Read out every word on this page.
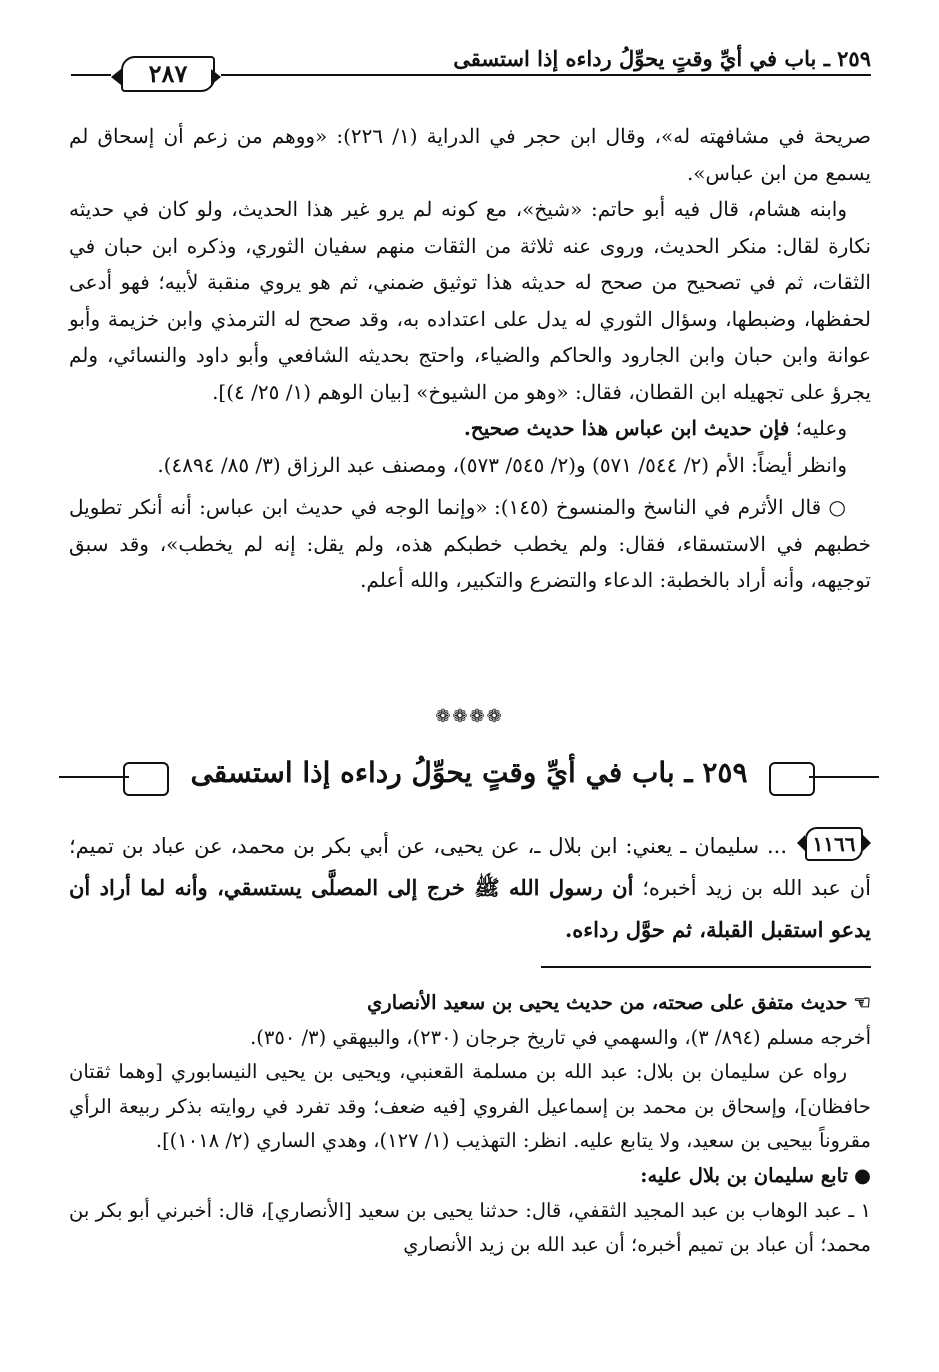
٢٥٩ ـ باب في أيِّ وقتٍ يحوِّلُ رداءه إذا استسقى
٢٨٧

صريحة في مشافهته له»، وقال ابن حجر في الدراية (١/ ٢٢٦): «ووهم من زعم أن إسحاق لم يسمع من ابن عباس».

وابنه هشام، قال فيه أبو حاتم: «شيخ»، مع كونه لم يرو غير هذا الحديث، ولو كان في حديثه نكارة لقال: منكر الحديث، وروى عنه ثلاثة من الثقات منهم سفيان الثوري، وذكره ابن حبان في الثقات، ثم في تصحيح من صحح له حديثه هذا توثيق ضمني، ثم هو يروي منقبة لأبيه؛ فهو أدعى لحفظها، وضبطها، وسؤال الثوري له يدل على اعتداده به، وقد صحح له الترمذي وابن خزيمة وأبو عوانة وابن حبان وابن الجارود والحاكم والضياء، واحتج بحديثه الشافعي وأبو داود والنسائي، ولم يجرؤ على تجهيله ابن القطان، فقال: «وهو من الشيوخ» [بيان الوهم (١/ ٢٥/ ٤)].

وعليه؛ فإن حديث ابن عباس هذا حديث صحيح.

وانظر أيضاً: الأم (٢/ ٥٤٤/ ٥٧١) و(٢/ ٥٤٥/ ٥٧٣)، ومصنف عبد الرزاق (٣/ ٨٥/ ٤٨٩٤).

○ قال الأثرم في الناسخ والمنسوخ (١٤٥): «وإنما الوجه في حديث ابن عباس: أنه أنكر تطويل خطبهم في الاستسقاء، فقال: ولم يخطب خطبكم هذه، ولم يقل: إنه لم يخطب»، وقد سبق توجيهه، وأنه أراد بالخطبة: الدعاء والتضرع والتكبير، والله أعلم.

❁❁❁❁
٢٥٩ ـ باب في أيِّ وقتٍ يحوِّلُ رداءه إذا استسقى
١١٦٦

... سليمان ـ يعني: ابن بلال ـ، عن يحيى، عن أبي بكر بن محمد، عن عباد بن تميم؛ أن عبد الله بن زيد أخبره؛ أن رسول الله ﷺ خرج إلى المصلَّى يستسقي، وأنه لما أراد أن يدعو استقبل القبلة، ثم حوَّل رداءه.

☜حديث متفق على صحته، من حديث يحيى بن سعيد الأنصاري

أخرجه مسلم (٨٩٤/ ٣)، والسهمي في تاريخ جرجان (٢٣٠)، والبيهقي (٣/ ٣٥٠).

رواه عن سليمان بن بلال: عبد الله بن مسلمة القعنبي، ويحيى بن يحيى النيسابوري [وهما ثقتان حافظان]، وإسحاق بن محمد بن إسماعيل الفروي [فيه ضعف؛ وقد تفرد في روايته بذكر ربيعة الرأي مقروناً بيحيى بن سعيد، ولا يتابع عليه. انظر: التهذيب (١/ ١٢٧)، وهدي الساري (٢/ ١٠١٨)].

●تابع سليمان بن بلال عليه:

١ ـ عبد الوهاب بن عبد المجيد الثقفي، قال: حدثنا يحيى بن سعيد [الأنصاري]، قال: أخبرني أبو بكر بن محمد؛ أن عباد بن تميم أخبره؛ أن عبد الله بن زيد الأنصاري
